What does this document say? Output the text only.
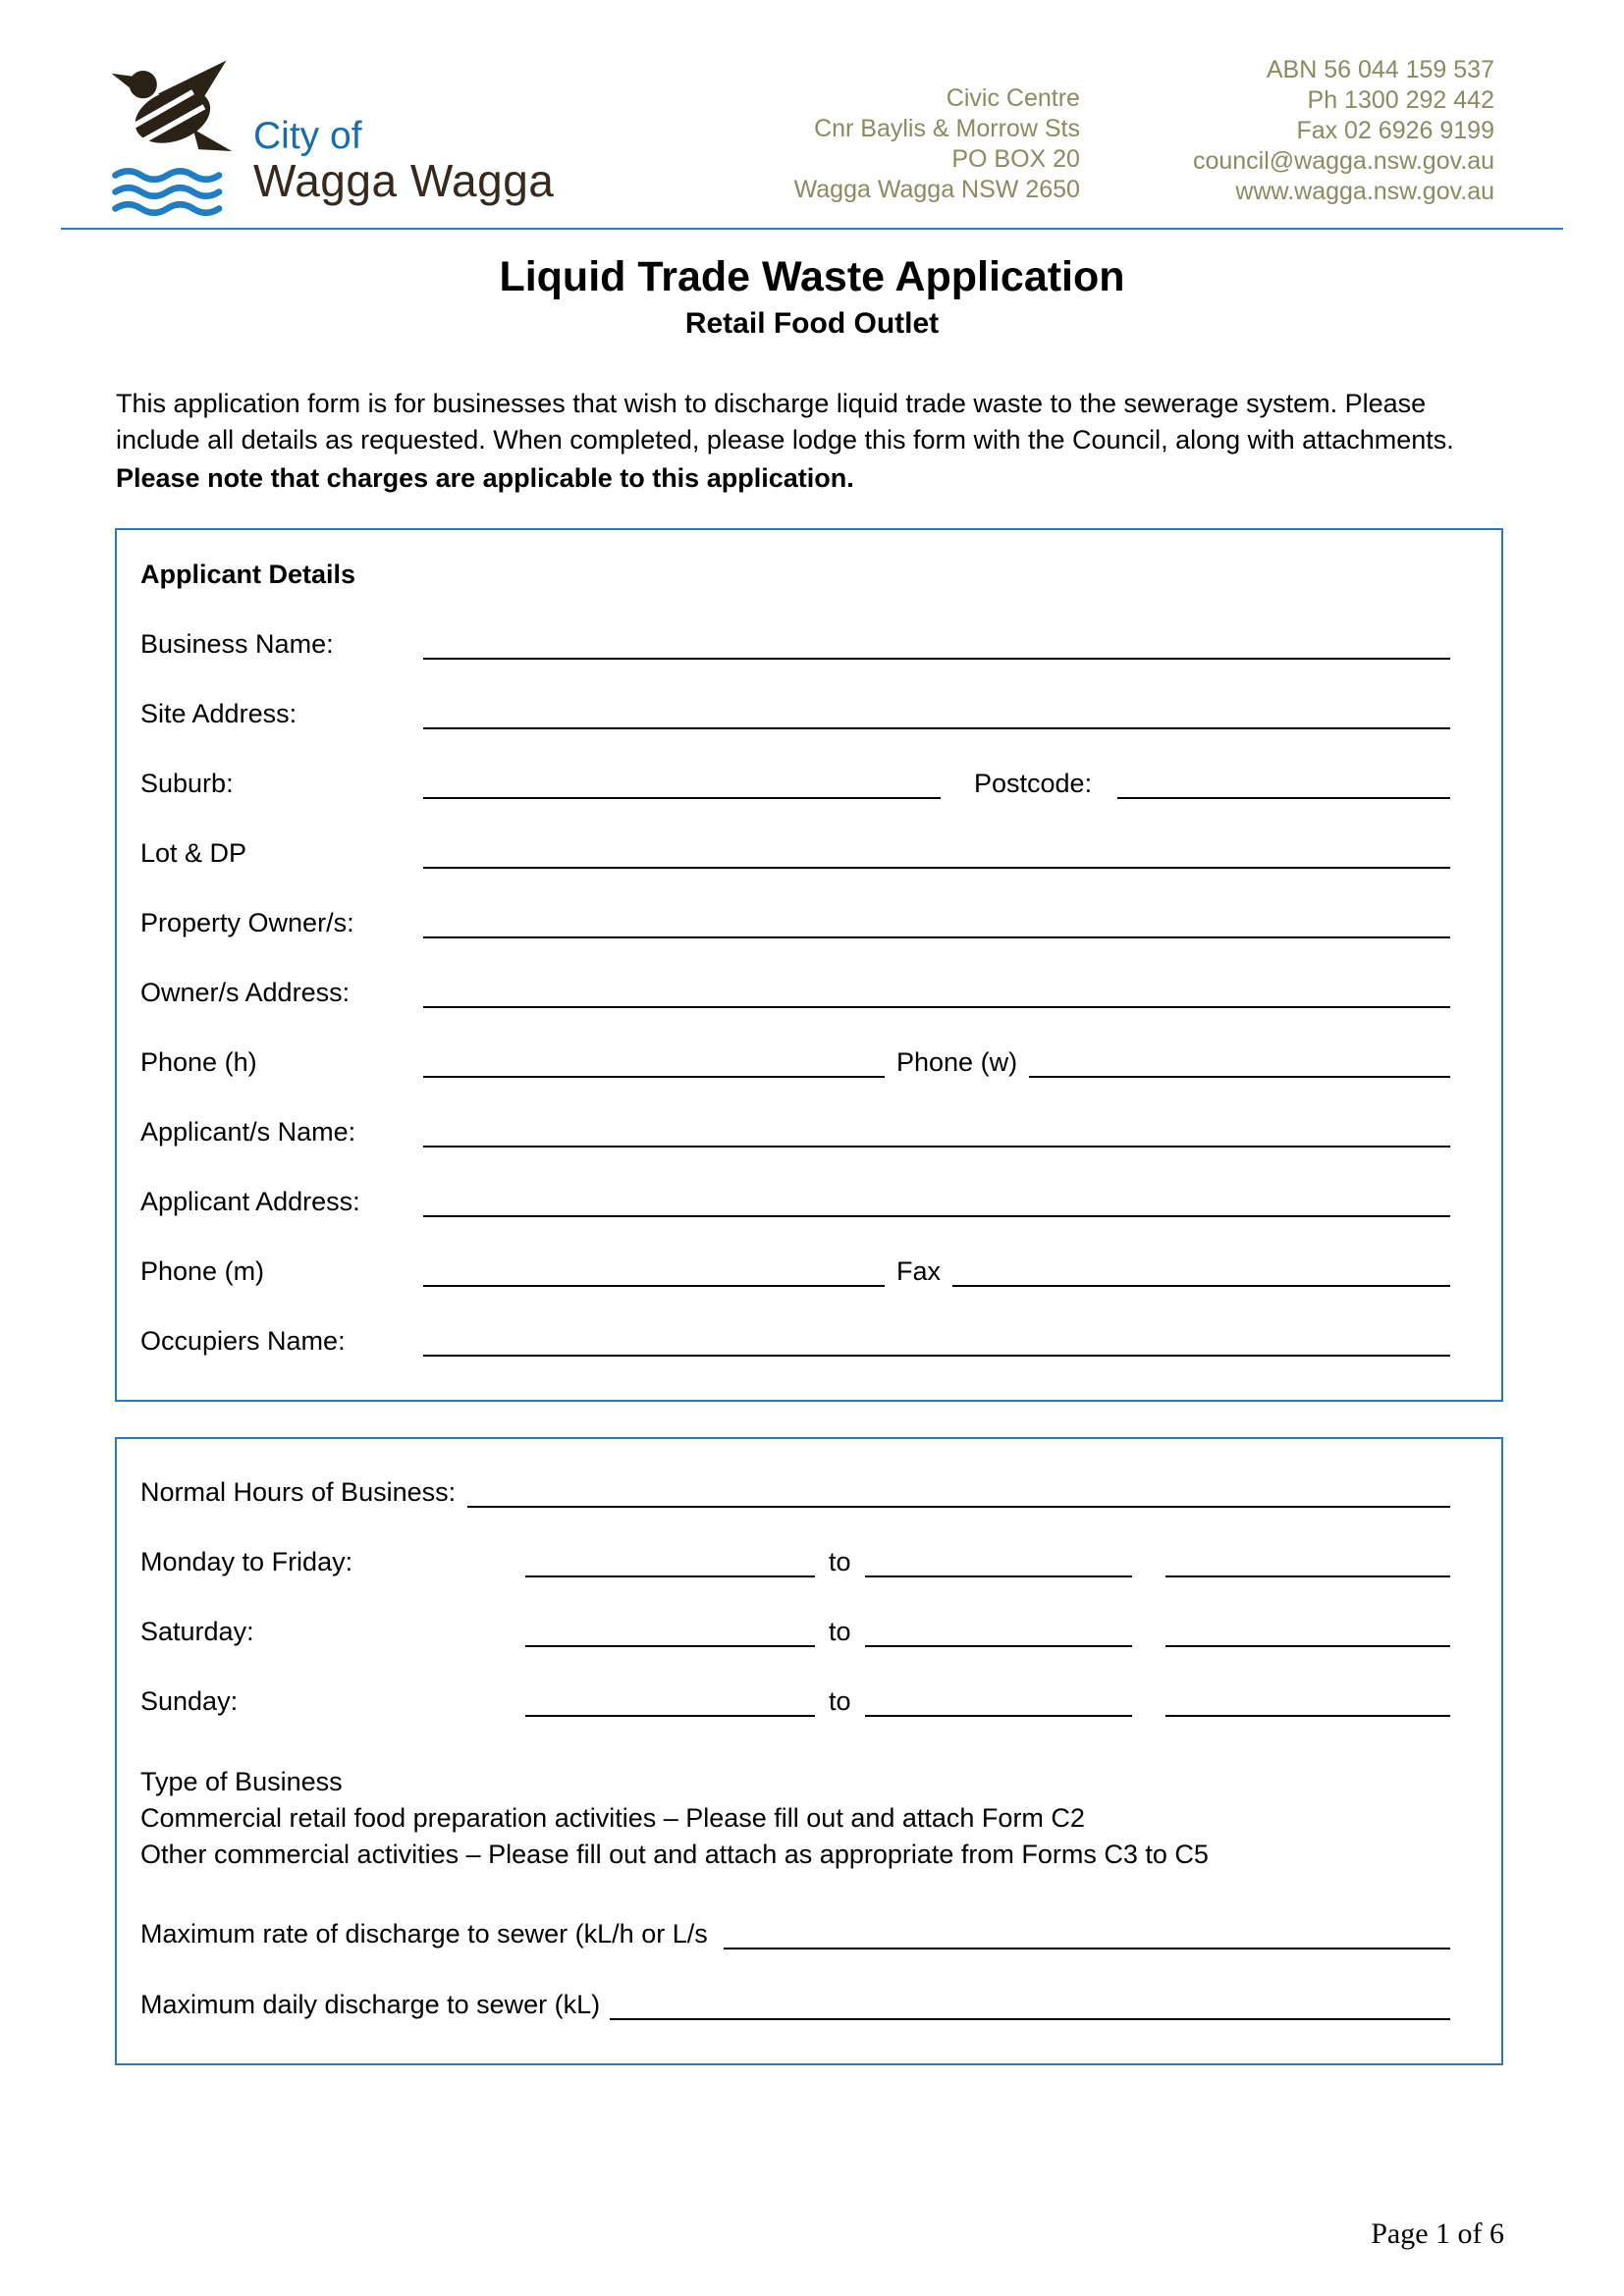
City of
Wagga Wagga
Civic Centre
Cnr Baylis & Morrow Sts
PO BOX 20
Wagga Wagga NSW 2650
ABN 56 044 159 537
Ph 1300 292 442
Fax 02 6926 9199
council@wagga.nsw.gov.au
www.wagga.nsw.gov.au
Liquid Trade Waste Application
Retail Food Outlet

This application form is for businesses that wish to discharge liquid trade waste to the sewerage system. Please include all details as requested. When completed, please lodge this form with the Council, along with attachments.

Please note that charges are applicable to this application.

Applicant Details
Business Name:
Site Address:
Suburb:	Postcode:
Lot & DP
Property Owner/s:
Owner/s Address:
Phone (h)	Phone (w)
Applicant/s Name:
Applicant Address:
Phone (m)	Fax
Occupiers Name:
Normal Hours of Business:
Monday to Friday:	to
Saturday:	to
Sunday:	to
Type of Business
Commercial retail food preparation activities – Please fill out and attach Form C2
Other commercial activities – Please fill out and attach as appropriate from Forms C3 to C5
Maximum rate of discharge to sewer (kL/h or L/s
Maximum daily discharge to sewer (kL)
Page 1 of 6
